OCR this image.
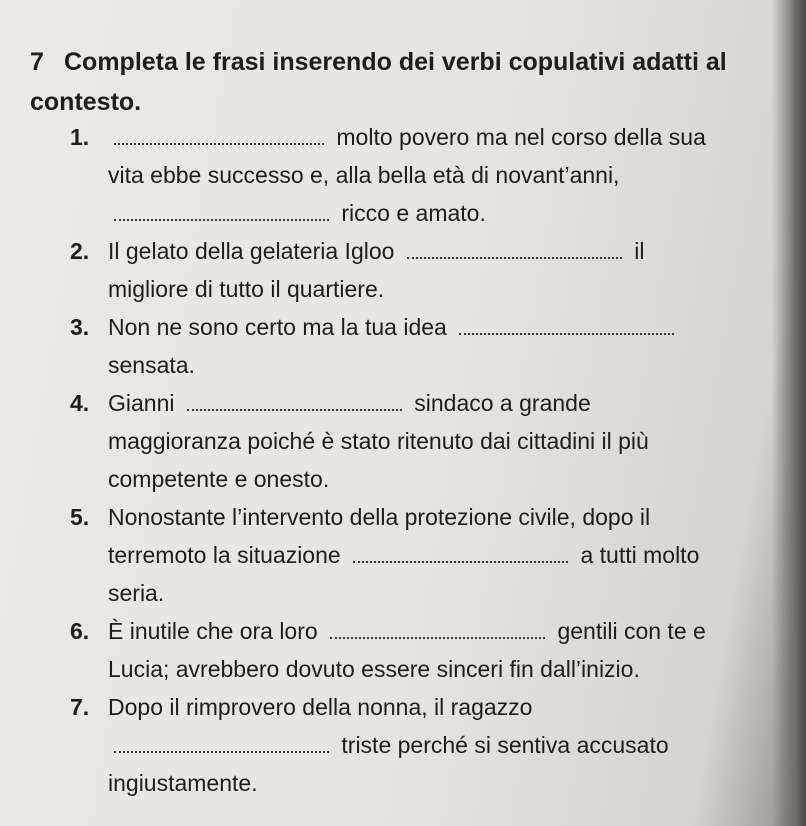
7 Completa le frasi inserendo dei verbi copulativi adatti al contesto.
1.	molto povero ma nel corso della sua vita ebbe successo e, alla bella età di novant’anni,  ricco e amato.
2. Il gelato della gelateria Igloo	il migliore di tutto il quartiere.
3. Non ne sono certo ma la tua idea  sensata.
4. Gianni	sindaco a grande maggioranza poiché è stato ritenuto dai cittadini il più competente e onesto.
5. Nonostante l’intervento della protezione civile, dopo il terremoto la situazione	a tutti molto seria.
6. È inutile che ora loro	gentili con te e Lucia; avrebbero dovuto essere sinceri fin dall’inizio.
7. Dopo il rimprovero della nonna, il ragazzo  triste perché si sentiva accusato ingiustamente.
